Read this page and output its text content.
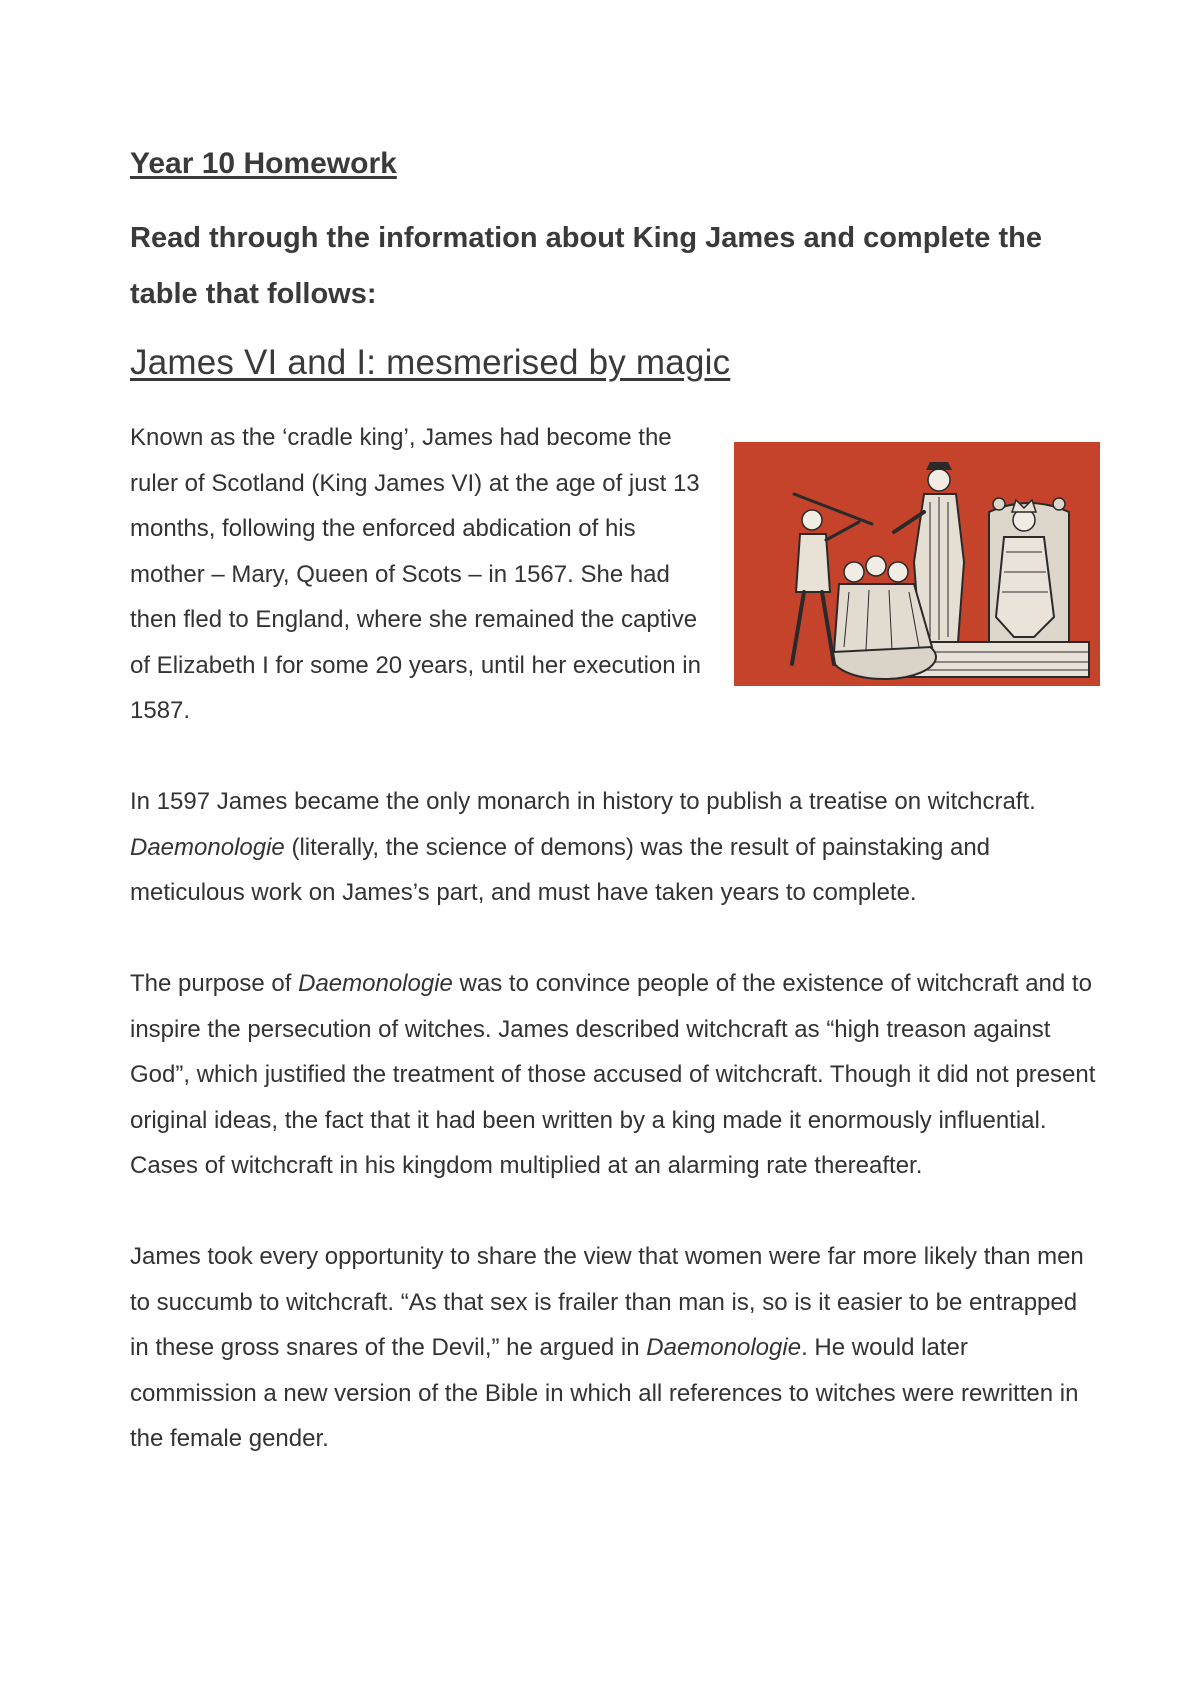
Year 10 Homework

Read through the information about King James and complete the table that follows:

James VI and I: mesmerised by magic

Known as the ‘cradle king’, James had become the ruler of Scotland (King James VI) at the age of just 13 months, following the enforced abdication of his mother – Mary, Queen of Scots – in 1567. She had then fled to England, where she remained the captive of Elizabeth I for some 20 years, until her execution in 1587.

In 1597 James became the only monarch in history to publish a treatise on witchcraft. Daemonologie (literally, the science of demons) was the result of painstaking and meticulous work on James’s part, and must have taken years to complete.

The purpose of Daemonologie was to convince people of the existence of witchcraft and to inspire the persecution of witches. James described witchcraft as “high treason against God”, which justified the treatment of those accused of witchcraft. Though it did not present original ideas, the fact that it had been written by a king made it enormously influential. Cases of witchcraft in his kingdom multiplied at an alarming rate thereafter.

James took every opportunity to share the view that women were far more likely than men to succumb to witchcraft. “As that sex is frailer than man is, so is it easier to be entrapped in these gross snares of the Devil,” he argued in Daemonologie. He would later commission a new version of the Bible in which all references to witches were rewritten in the female gender.
